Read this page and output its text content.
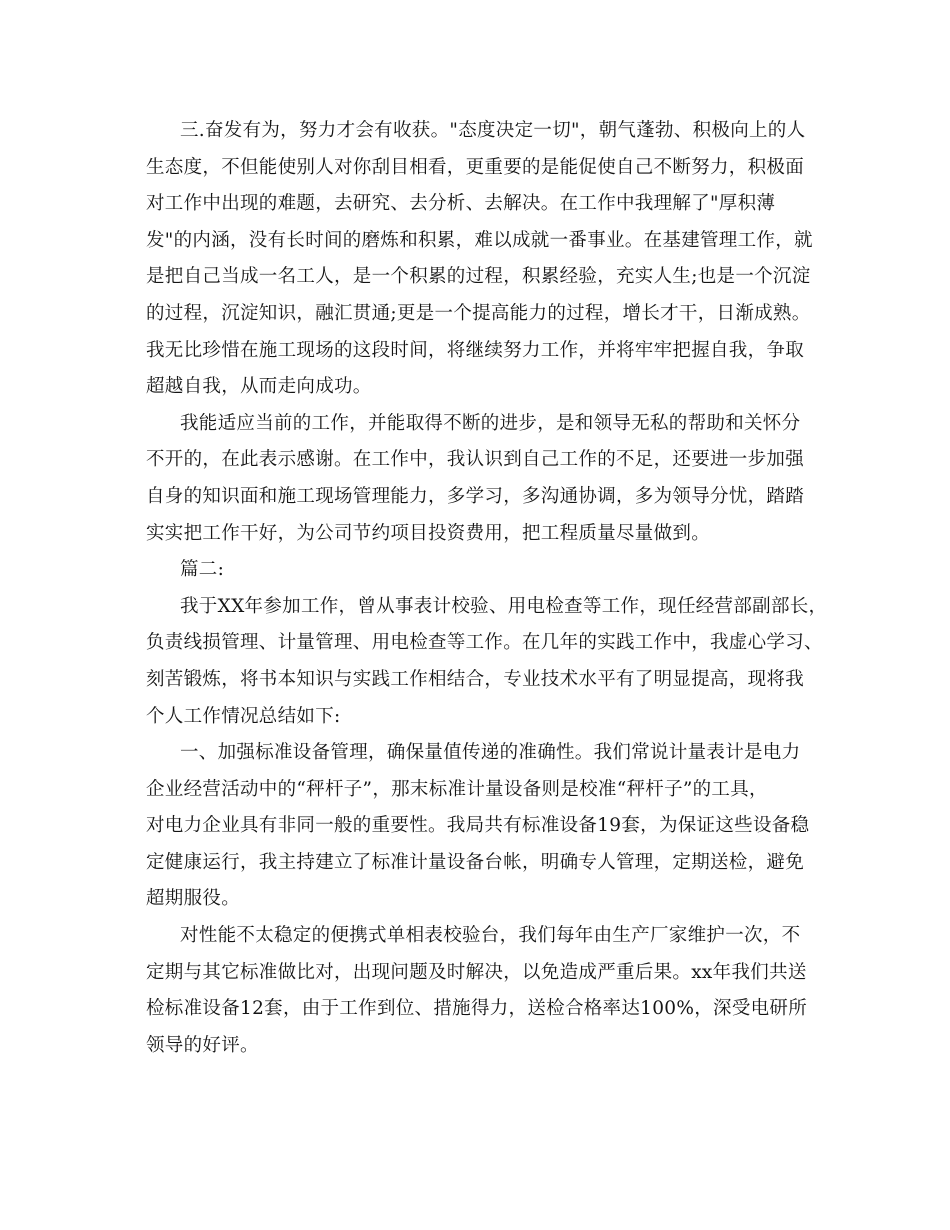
三.奋发有为，努力才会有收获。"态度决定一切"，朝气蓬勃、积极向上的人
生态度，不但能使别人对你刮目相看，更重要的是能促使自己不断努力，积极面
对工作中出现的难题，去研究、去分析、去解决。在工作中我理解了"厚积薄
发"的内涵，没有长时间的磨炼和积累，难以成就一番事业。在基建管理工作，就
是把自己当成一名工人，是一个积累的过程，积累经验，充实人生;也是一个沉淀
的过程，沉淀知识，融汇贯通;更是一个提高能力的过程，增长才干，日渐成熟。
我无比珍惜在施工现场的这段时间，将继续努力工作，并将牢牢把握自我，争取
超越自我，从而走向成功。
我能适应当前的工作，并能取得不断的进步，是和领导无私的帮助和关怀分
不开的，在此表示感谢。在工作中，我认识到自己工作的不足，还要进一步加强
自身的知识面和施工现场管理能力，多学习，多沟通协调，多为领导分忧，踏踏
实实把工作干好，为公司节约项目投资费用，把工程质量尽量做到。
篇二:
我于XX年参加工作，曾从事表计校验、用电检查等工作，现任经营部副部长，
负责线损管理、计量管理、用电检查等工作。在几年的实践工作中，我虚心学习、
刻苦锻炼，将书本知识与实践工作相结合，专业技术水平有了明显提高，现将我
个人工作情况总结如下:
一、加强标准设备管理，确保量值传递的准确性。我们常说计量表计是电力
企业经营活动中的“秤杆子”，那末标准计量设备则是校准“秤杆子”的工具，
对电力企业具有非同一般的重要性。我局共有标准设备19套，为保证这些设备稳
定健康运行，我主持建立了标准计量设备台帐，明确专人管理，定期送检，避免
超期服役。
对性能不太稳定的便携式单相表校验台，我们每年由生产厂家维护一次，不
定期与其它标准做比对，出现问题及时解决，以免造成严重后果。xx年我们共送
检标准设备12套，由于工作到位、措施得力，送检合格率达100%，深受电研所
领导的好评。
